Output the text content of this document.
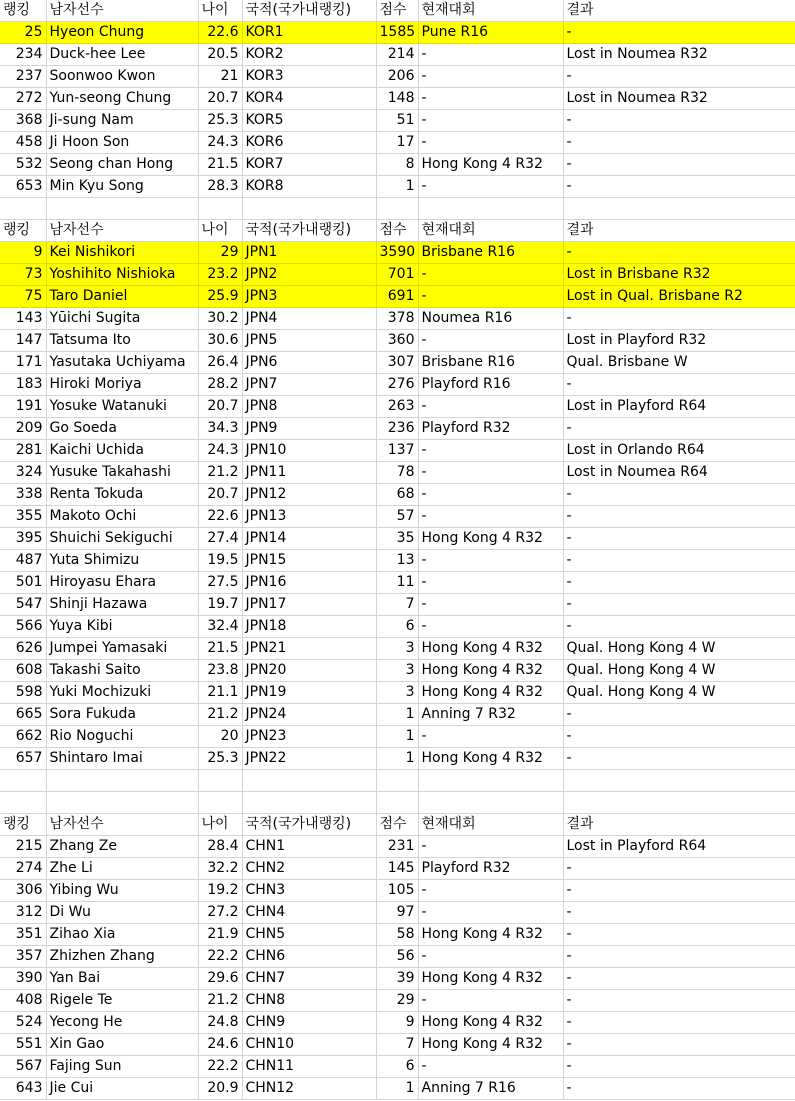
랭킹	남자선수	나이	국적(국가내랭킹)	점수	현재대회	결과
25	Hyeon Chung	22.6	KOR1	1585	Pune R16	-
234	Duck-hee Lee	20.5	KOR2	214	-	Lost in Noumea R32
237	Soonwoo Kwon	21	KOR3	206	-	-
272	Yun-seong Chung	20.7	KOR4	148	-	Lost in Noumea R32
368	Ji-sung Nam	25.3	KOR5	51	-	-
458	Ji Hoon Son	24.3	KOR6	17	-	-
532	Seong chan Hong	21.5	KOR7	8	Hong Kong 4 R32	-
653	Min Kyu Song	28.3	KOR8	1	-	-

랭킹	남자선수	나이	국적(국가내랭킹)	점수	현재대회	결과
9	Kei Nishikori	29	JPN1	3590	Brisbane R16	-
73	Yoshihito Nishioka	23.2	JPN2	701	-	Lost in Brisbane R32
75	Taro Daniel	25.9	JPN3	691	-	Lost in Qual. Brisbane R2
143	Yūichi Sugita	30.2	JPN4	378	Noumea R16	-
147	Tatsuma Ito	30.6	JPN5	360	-	Lost in Playford R32
171	Yasutaka Uchiyama	26.4	JPN6	307	Brisbane R16	Qual. Brisbane W
183	Hiroki Moriya	28.2	JPN7	276	Playford R16	-
191	Yosuke Watanuki	20.7	JPN8	263	-	Lost in Playford R64
209	Go Soeda	34.3	JPN9	236	Playford R32	-
281	Kaichi Uchida	24.3	JPN10	137	-	Lost in Orlando R64
324	Yusuke Takahashi	21.2	JPN11	78	-	Lost in Noumea R64
338	Renta Tokuda	20.7	JPN12	68	-	-
355	Makoto Ochi	22.6	JPN13	57	-	-
395	Shuichi Sekiguchi	27.4	JPN14	35	Hong Kong 4 R32	-
487	Yuta Shimizu	19.5	JPN15	13	-	-
501	Hiroyasu Ehara	27.5	JPN16	11	-	-
547	Shinji Hazawa	19.7	JPN17	7	-	-
566	Yuya Kibi	32.4	JPN18	6	-	-
626	Jumpei Yamasaki	21.5	JPN21	3	Hong Kong 4 R32	Qual. Hong Kong 4 W
608	Takashi Saito	23.8	JPN20	3	Hong Kong 4 R32	Qual. Hong Kong 4 W
598	Yuki Mochizuki	21.1	JPN19	3	Hong Kong 4 R32	Qual. Hong Kong 4 W
665	Sora Fukuda	21.2	JPN24	1	Anning 7 R32	-
662	Rio Noguchi	20	JPN23	1	-	-
657	Shintaro Imai	25.3	JPN22	1	Hong Kong 4 R32	-

랭킹	남자선수	나이	국적(국가내랭킹)	점수	현재대회	결과
215	Zhang Ze	28.4	CHN1	231	-	Lost in Playford R64
274	Zhe Li	32.2	CHN2	145	Playford R32	-
306	Yibing Wu	19.2	CHN3	105	-	-
312	Di Wu	27.2	CHN4	97	-	-
351	Zihao Xia	21.9	CHN5	58	Hong Kong 4 R32	-
357	Zhizhen Zhang	22.2	CHN6	56	-	-
390	Yan Bai	29.6	CHN7	39	Hong Kong 4 R32	-
408	Rigele Te	21.2	CHN8	29	-	-
524	Yecong He	24.8	CHN9	9	Hong Kong 4 R32	-
551	Xin Gao	24.6	CHN10	7	Hong Kong 4 R32	-
567	Fajing Sun	22.2	CHN11	6	-	-
643	Jie Cui	20.9	CHN12	1	Anning 7 R16	-
